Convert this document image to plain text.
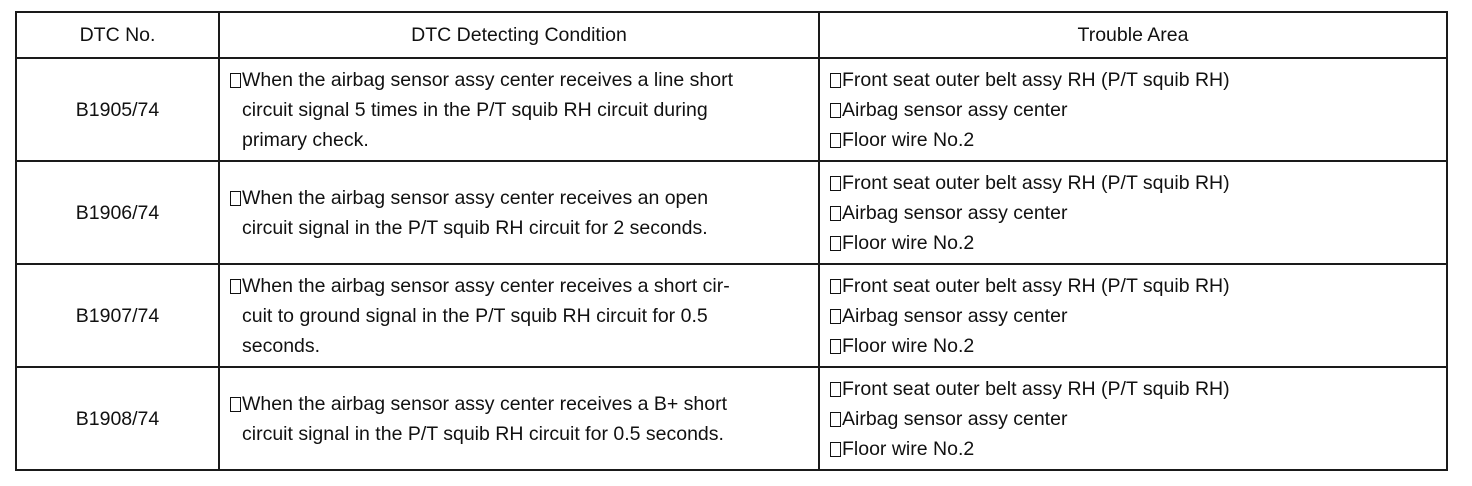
DTC No.	DTC Detecting Condition	Trouble Area
B1905/74	When the airbag sensor assy center receives a line short
circuit signal 5 times in the P/T squib RH circuit during
primary check.	Front seat outer belt assy RH (P/T squib RH)
Airbag sensor assy center
Floor wire No.2

B1906/74	When the airbag sensor assy center receives an open
circuit signal in the P/T squib RH circuit for 2 seconds.	Front seat outer belt assy RH (P/T squib RH)
Airbag sensor assy center
Floor wire No.2

B1907/74	When the airbag sensor assy center receives a short cir-
cuit to ground signal in the P/T squib RH circuit for 0.5
seconds.	Front seat outer belt assy RH (P/T squib RH)
Airbag sensor assy center
Floor wire No.2

B1908/74	When the airbag sensor assy center receives a B+ short
circuit signal in the P/T squib RH circuit for 0.5 seconds.	Front seat outer belt assy RH (P/T squib RH)
Airbag sensor assy center
Floor wire No.2
